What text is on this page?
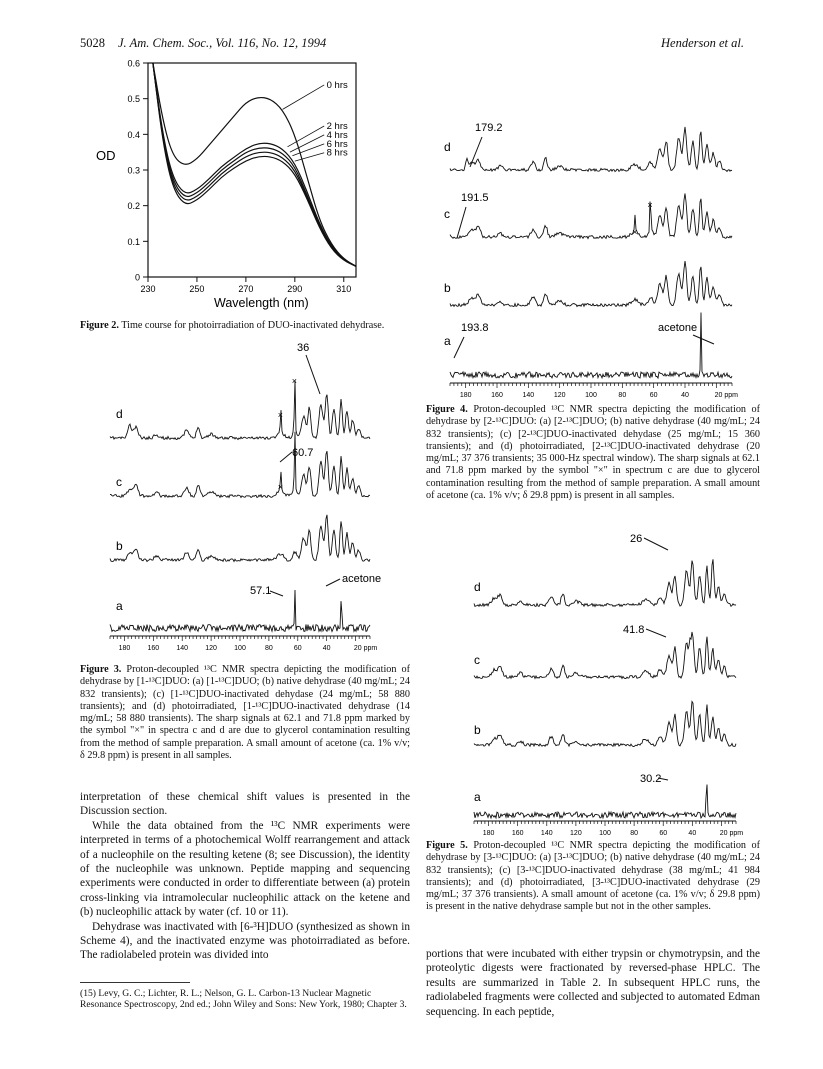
5028 J. Am. Chem. Soc., Vol. 116, No. 12, 1994	Henderson et al.
OD
0
0.1
0.2
0.3
0.4
0.5
0.6
230	250	270	290	310
0 hrs
2 hrs
4 hrs
6 hrs
8 hrs
Wavelength (nm)
Figure 2. Time course for photoirradiation of DUO-inactivated dehydrase.
×
×
×
180 160 140 120 100	80	60	40	20 ppm
d
c
b
a
36
60.7
57.1
acetone
Figure 3. Proton-decoupled ¹³C NMR spectra depicting the modification of dehydrase by [1-¹³C]DUO: (a) [1-¹³C]DUO; (b) native dehydrase (40 mg/mL; 24 832 transients); (c) [1-¹³C]DUO-inactivated dehydase (24 mg/mL; 58 880 transients); and (d) photoirradiated, [1-¹³C]DUO-inactivated dehydrase (14 mg/mL; 58 880 transients). The sharp signals at 62.1 and 71.8 ppm marked by the symbol "×" in spectra c and d are due to glycerol contamination resulting from the method of sample preparation. A small amount of acetone (ca. 1% v/v; δ 29.8 ppm) is present in all samples.

interpretation of these chemical shift values is presented in the Discussion section.

While the data obtained from the ¹³C NMR experiments were interpreted in terms of a photochemical Wolff rearrangement and attack of a nucleophile on the resulting ketene (8; see Discussion), the identity of the nucleophile was unknown. Peptide mapping and sequencing experiments were conducted in order to differentiate between (a) protein cross-linking via intramolecular nucleophilic attack on the ketene and (b) nucleophilic attack by water (cf. 10 or 11).

Dehydrase was inactivated with [6-³H]DUO (synthesized as shown in Scheme 4), and the inactivated enzyme was photoirradiated as before. The radiolabeled protein was divided into

(15) Levy, G. C.; Lichter, R. L.; Nelson, G. L. Carbon-13 Nuclear Magnetic Resonance Spectroscopy, 2nd ed.; John Wiley and Sons: New York, 1980; Chapter 3.
×
×
180	160	140	120	100	80	60	40	20 ppm
d
c
b
a
179.2
191.5
193.8	acetone
Figure 4. Proton-decoupled ¹³C NMR spectra depicting the modification of dehydrase by [2-¹³C]DUO: (a) [2-¹³C]DUO; (b) native dehydrase (40 mg/mL; 24 832 transients); (c) [2-¹³C]DUO-inactivated dehydase (25 mg/mL; 15 360 transients); and (d) photoirradiated, [2-¹³C]DUO-inactivated dehydrase (20 mg/mL; 37 376 transients; 35 000-Hz spectral window). The sharp signals at 62.1 and 71.8 ppm marked by the symbol "×" in spectrum c are due to glycerol contamination resulting from the method of sample preparation. A small amount of acetone (ca. 1% v/v; δ 29.8 ppm) is present in all samples.
180 160 140 120 100	80	60	40	20 ppm
d
c
b
a
26
41.8
30.2
Figure 5. Proton-decoupled ¹³C NMR spectra depicting the modification of dehydrase by [3-¹³C]DUO: (a) [3-¹³C]DUO; (b) native dehydrase (40 mg/mL; 24 832 transients); (c) [3-¹³C]DUO-inactivated dehydrase (38 mg/mL; 41 984 transients); and (d) photoirradiated, [3-¹³C]DUO-inactivated dehydrase (29 mg/mL; 37 376 transients). A small amount of acetone (ca. 1% v/v; δ 29.8 ppm) is present in the native dehydrase sample but not in the other samples.

portions that were incubated with either trypsin or chymotrypsin, and the proteolytic digests were fractionated by reversed-phase HPLC. The results are summarized in Table 2. In subsequent HPLC runs, the radiolabeled fragments were collected and subjected to automated Edman sequencing. In each peptide,
